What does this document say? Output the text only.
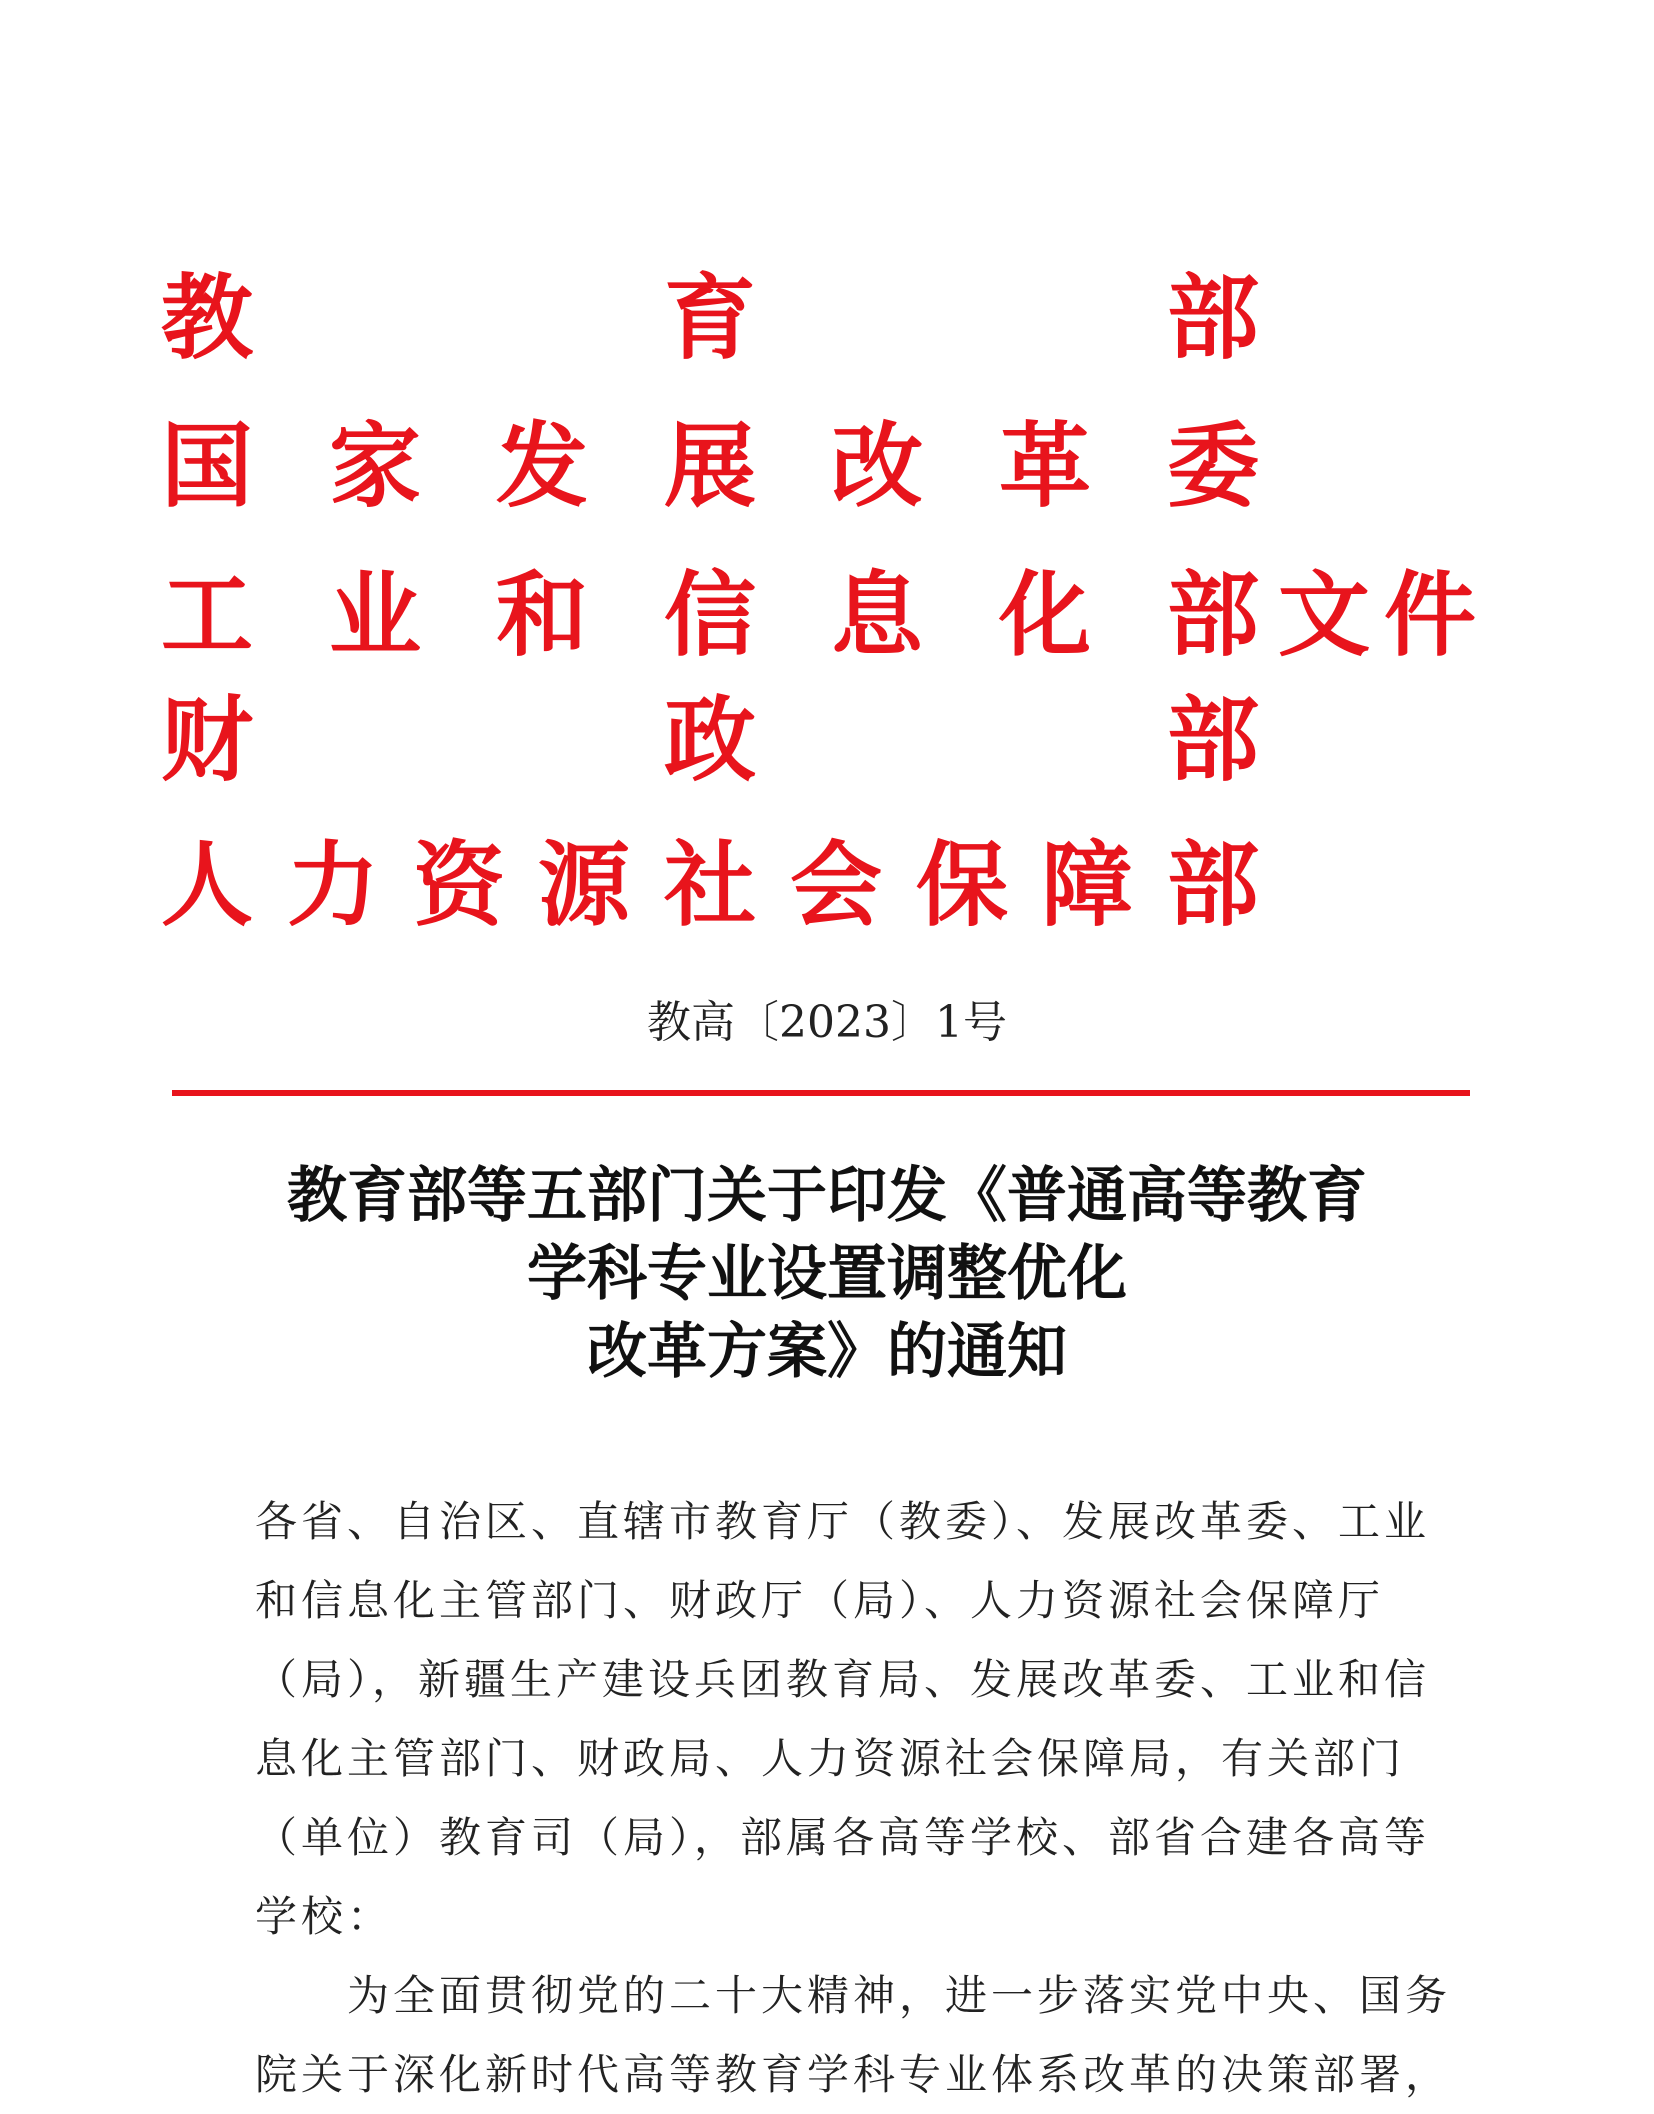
教	育	部
国 家 发 展 改 革 委
工 业 和 信 息 化 部
财	政	部
人 力 资 源 社 会 保 障 部
文件
教高〔2023〕1号
教育部等五部门关于印发《普通高等教育
学科专业设置调整优化
改革方案》的通知
各省、自治区、直辖市教育厅（教委）、发展改革委、工业
和信息化主管部门、财政厅（局）、人力资源社会保障厅
（局），新疆生产建设兵团教育局、发展改革委、工业和信
息化主管部门、财政局、人力资源社会保障局，有关部门
（单位）教育司（局），部属各高等学校、部省合建各高等
学校：
为全面贯彻党的二十大精神，进一步落实党中央、国务
院关于深化新时代高等教育学科专业体系改革的决策部署，
